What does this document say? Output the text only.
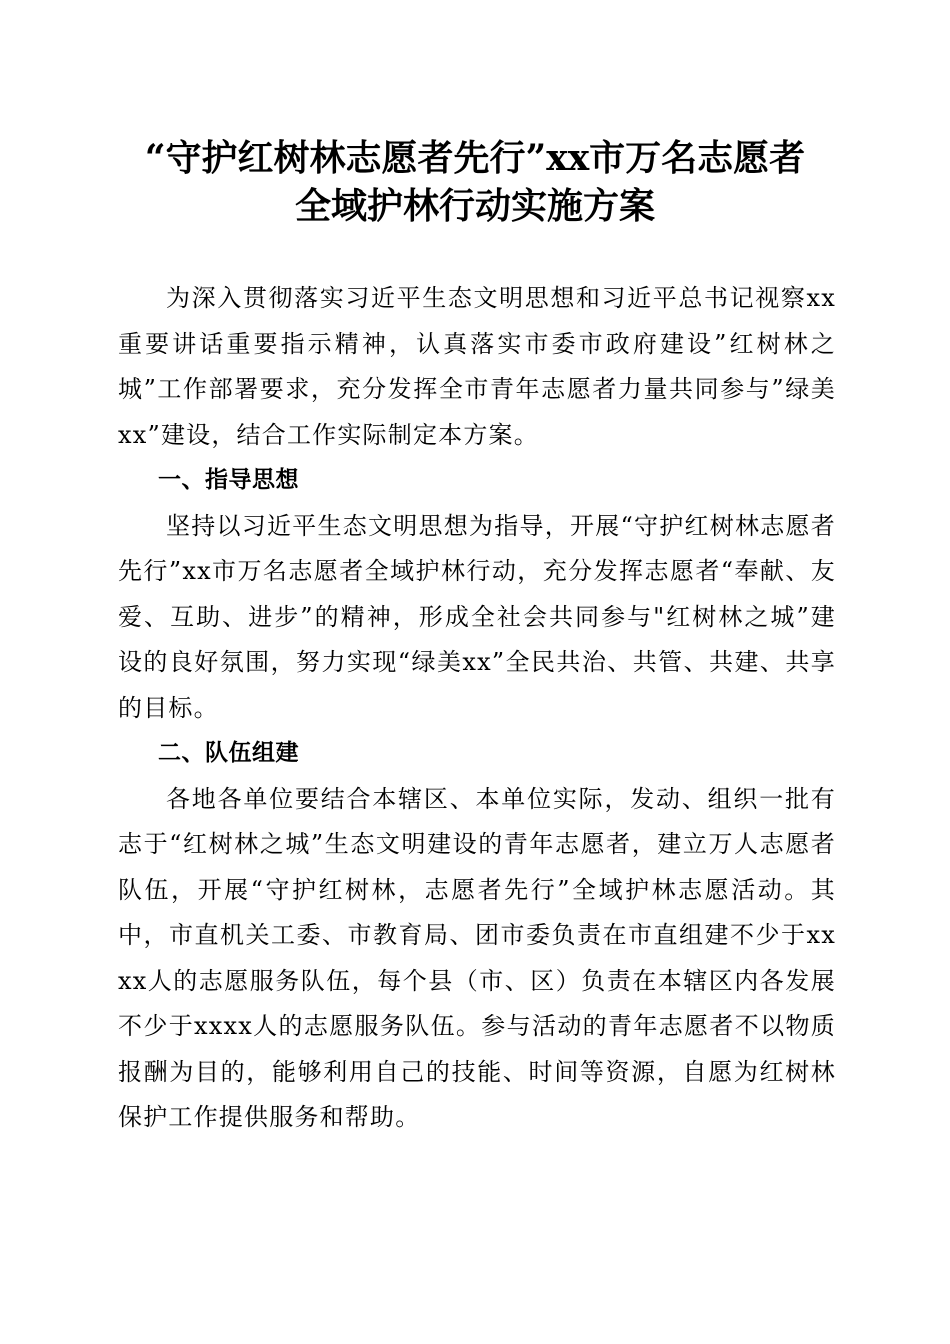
“守护红树林志愿者先行”xx市万名志愿者
全域护林行动实施方案

为深入贯彻落实习近平生态文明思想和习近平总书记视察xx重要讲话重要指示精神，认真落实市委市政府建设”红树林之城”工作部署要求，充分发挥全市青年志愿者力量共同参与”绿美xx”建设，结合工作实际制定本方案。

一、指导思想

坚持以习近平生态文明思想为指导，开展“守护红树林志愿者先行”xx市万名志愿者全域护林行动，充分发挥志愿者“奉献、友爱、互助、进步”的精神，形成全社会共同参与"红树林之城”建设的良好氛围，努力实现“绿美xx”全民共治、共管、共建、共享的目标。

二、队伍组建

各地各单位要结合本辖区、本单位实际，发动、组织一批有志于“红树林之城”生态文明建设的青年志愿者，建立万人志愿者队伍，开展“守护红树林，志愿者先行”全域护林志愿活动。其中，市直机关工委、市教育局、团市委负责在市直组建不少于xxxx人的志愿服务队伍，每个县（市、区）负责在本辖区内各发展不少于xxxx人的志愿服务队伍。参与活动的青年志愿者不以物质报酬为目的，能够利用自己的技能、时间等资源，自愿为红树林保护工作提供服务和帮助。
